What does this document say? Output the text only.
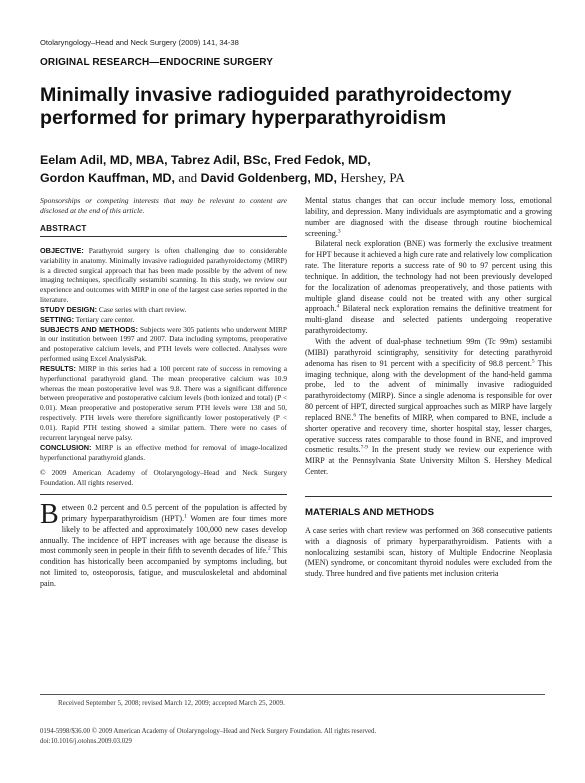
Otolaryngology–Head and Neck Surgery (2009) 141, 34-38
ORIGINAL RESEARCH—ENDOCRINE SURGERY
Minimally invasive radioguided parathyroidectomy performed for primary hyperparathyroidism
Eelam Adil, MD, MBA, Tabrez Adil, BSc, Fred Fedok, MD,
Gordon Kauffman, MD, and David Goldenberg, MD, Hershey, PA

Sponsorships or competing interests that may be relevant to content are disclosed at the end of this article.

ABSTRACT

OBJECTIVE: Parathyroid surgery is often challenging due to considerable variability in anatomy. Minimally invasive radioguided parathyroidectomy (MIRP) is a directed surgical approach that has been made possible by the advent of new imaging techniques, specifically sestamibi scanning. In this study, we review our experience and outcomes with MIRP in one of the largest case series reported in the literature.

STUDY DESIGN: Case series with chart review.

SETTING: Tertiary care center.

SUBJECTS AND METHODS: Subjects were 305 patients who underwent MIRP in our institution between 1997 and 2007. Data including symptoms, preoperative and postoperative calcium levels, and PTH levels were collected. Analyses were performed using Excel AnalysisPak.

RESULTS: MIRP in this series had a 100 percent rate of success in removing a hyperfunctional parathyroid gland. The mean preoperative calcium was 10.9 whereas the mean postoperative level was 9.8. There was a significant difference between preoperative and postoperative calcium levels (both ionized and total) (P < 0.01). Mean preoperative and postoperative serum PTH levels were 138 and 50, respectively. PTH levels were therefore significantly lower postoperatively (P < 0.01). Rapid PTH testing showed a similar pattern. There were no cases of recurrent laryngeal nerve palsy.

CONCLUSION: MIRP is an effective method for removal of image-localized hyperfunctional parathyroid glands.

© 2009 American Academy of Otolaryngology–Head and Neck Surgery Foundation. All rights reserved.

Between 0.2 percent and 0.5 percent of the population is affected by primary hyperparathyroidism (HPT).$^1$ Women are four times more likely to be affected and approximately 100,000 new cases develop annually. The incidence of HPT increases with age because the disease is most commonly seen in people in their fifth to seventh decades of life.$^2$ This condition has historically been accompanied by symptoms including, but not limited to, osteoporosis, fatigue, and musculoskeletal and abdominal pain.

Mental status changes that can occur include memory loss, emotional lability, and depression. Many individuals are asymptomatic and a growing number are diagnosed with the disease through routine biochemical screening.$^3$

Bilateral neck exploration (BNE) was formerly the exclusive treatment for HPT because it achieved a high cure rate and relatively low complication rate. The literature reports a success rate of 90 to 97 percent using this technique. In addition, the technology had not been previously developed for the localization of adenomas preoperatively, and those patients with multiple gland disease could not be treated with any other surgical approach.$^4$ Bilateral neck exploration remains the definitive treatment for multi-gland disease and selected patients undergoing reoperative parathyroidectomy.

With the advent of dual-phase technetium 99m (Tc 99m) sestamibi (MIBI) parathyroid scintigraphy, sensitivity for detecting parathyroid adenoma has risen to 91 percent with a specificity of 98.8 percent.$^5$ This imaging technique, along with the development of the hand-held gamma probe, led to the advent of minimally invasive radioguided parathyroidectomy (MIRP). Since a single adenoma is responsible for over 80 percent of HPT, directed surgical approaches such as MIRP have largely replaced BNE.$^6$ The benefits of MIRP, when compared to BNE, include a shorter operative and recovery time, shorter hospital stay, lesser charges, operative success rates comparable to those found in BNE, and improved cosmetic results.$^{7-9}$ In the present study we review our experience with MIRP at the Pennsylvania State University Milton S. Hershey Medical Center.

MATERIALS AND METHODS

A case series with chart review was performed on 368 consecutive patients with a diagnosis of primary hyperparathyroidism. Patients with a nonlocalizing sestamibi scan, history of Multiple Endocrine Neoplasia (MEN) syndrome, or concomitant thyroid nodules were excluded from the study. Three hundred and five patients met inclusion criteria

Received September 5, 2008; revised March 12, 2009; accepted March 25, 2009.
0194-5998/$36.00 © 2009 American Academy of Otolaryngology–Head and Neck Surgery Foundation. All rights reserved.
doi:10.1016/j.otohns.2009.03.029
